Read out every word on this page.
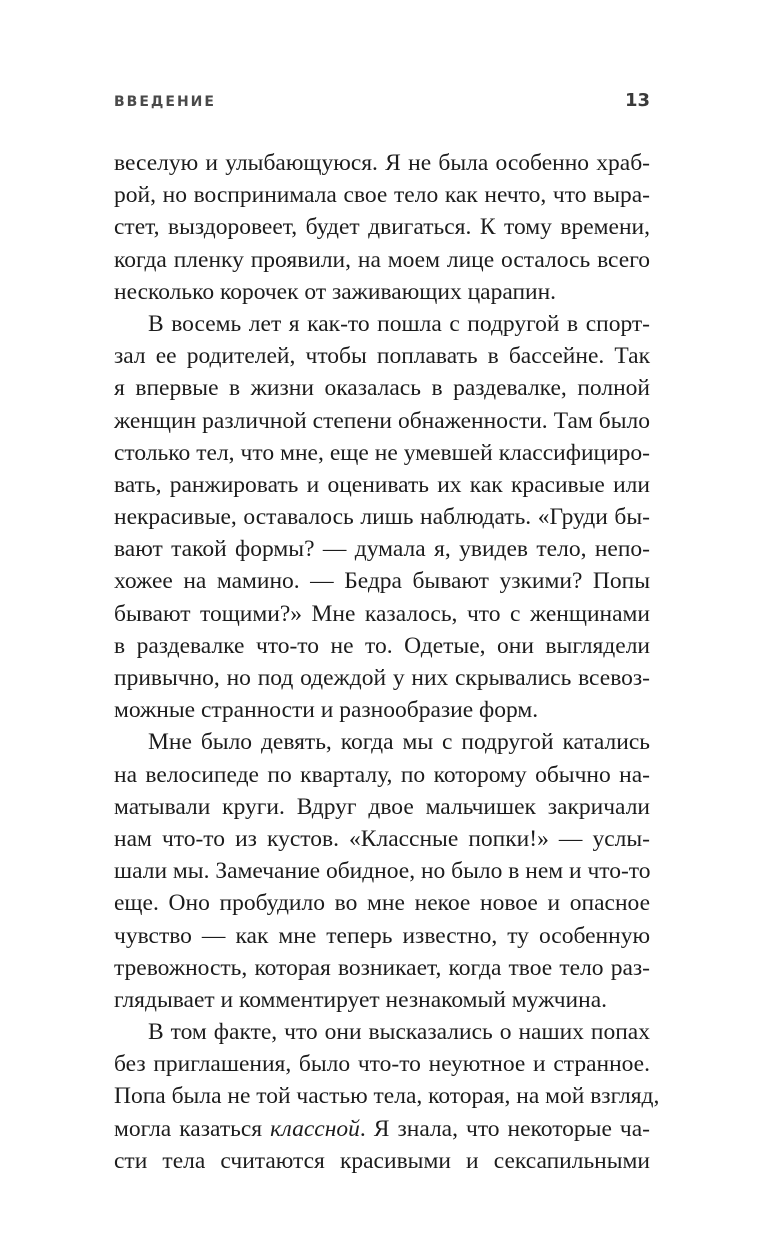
ВВЕДЕНИЕ	13
веселую и улыбающуюся. Я не была особенно храб-
рой, но воспринимала свое тело как нечто, что выра-
стет, выздоровеет, будет двигаться. К тому времени,
когда пленку проявили, на моем лице осталось всего
несколько корочек от заживающих царапин.
В восемь лет я как-то пошла с подругой в спорт-
зал ее родителей, чтобы поплавать в бассейне. Так
я впервые в жизни оказалась в раздевалке, полной
женщин различной степени обнаженности. Там было
столько тел, что мне, еще не умевшей классифициро-
вать, ранжировать и оценивать их как красивые или
некрасивые, оставалось лишь наблюдать. «Груди бы-
вают такой формы? — думала я, увидев тело, непо-
хожее на мамино. — Бедра бывают узкими? Попы
бывают тощими?» Мне казалось, что с женщинами
в раздевалке что-то не то. Одетые, они выглядели
привычно, но под одеждой у них скрывались всевоз-
можные странности и разнообразие форм.
Мне было девять, когда мы с подругой катались
на велосипеде по кварталу, по которому обычно на-
матывали круги. Вдруг двое мальчишек закричали
нам что-то из кустов. «Классные попки!» — услы-
шали мы. Замечание обидное, но было в нем и что-то
еще. Оно пробудило во мне некое новое и опасное
чувство — как мне теперь известно, ту особенную
тревожность, которая возникает, когда твое тело раз-
глядывает и комментирует незнакомый мужчина.
В том факте, что они высказались о наших попах
без приглашения, было что-то неуютное и странное.
Попа была не той частью тела, которая, на мой взгляд,
могла казаться классной. Я знала, что некоторые ча-
сти тела считаются красивыми и сексапильными
